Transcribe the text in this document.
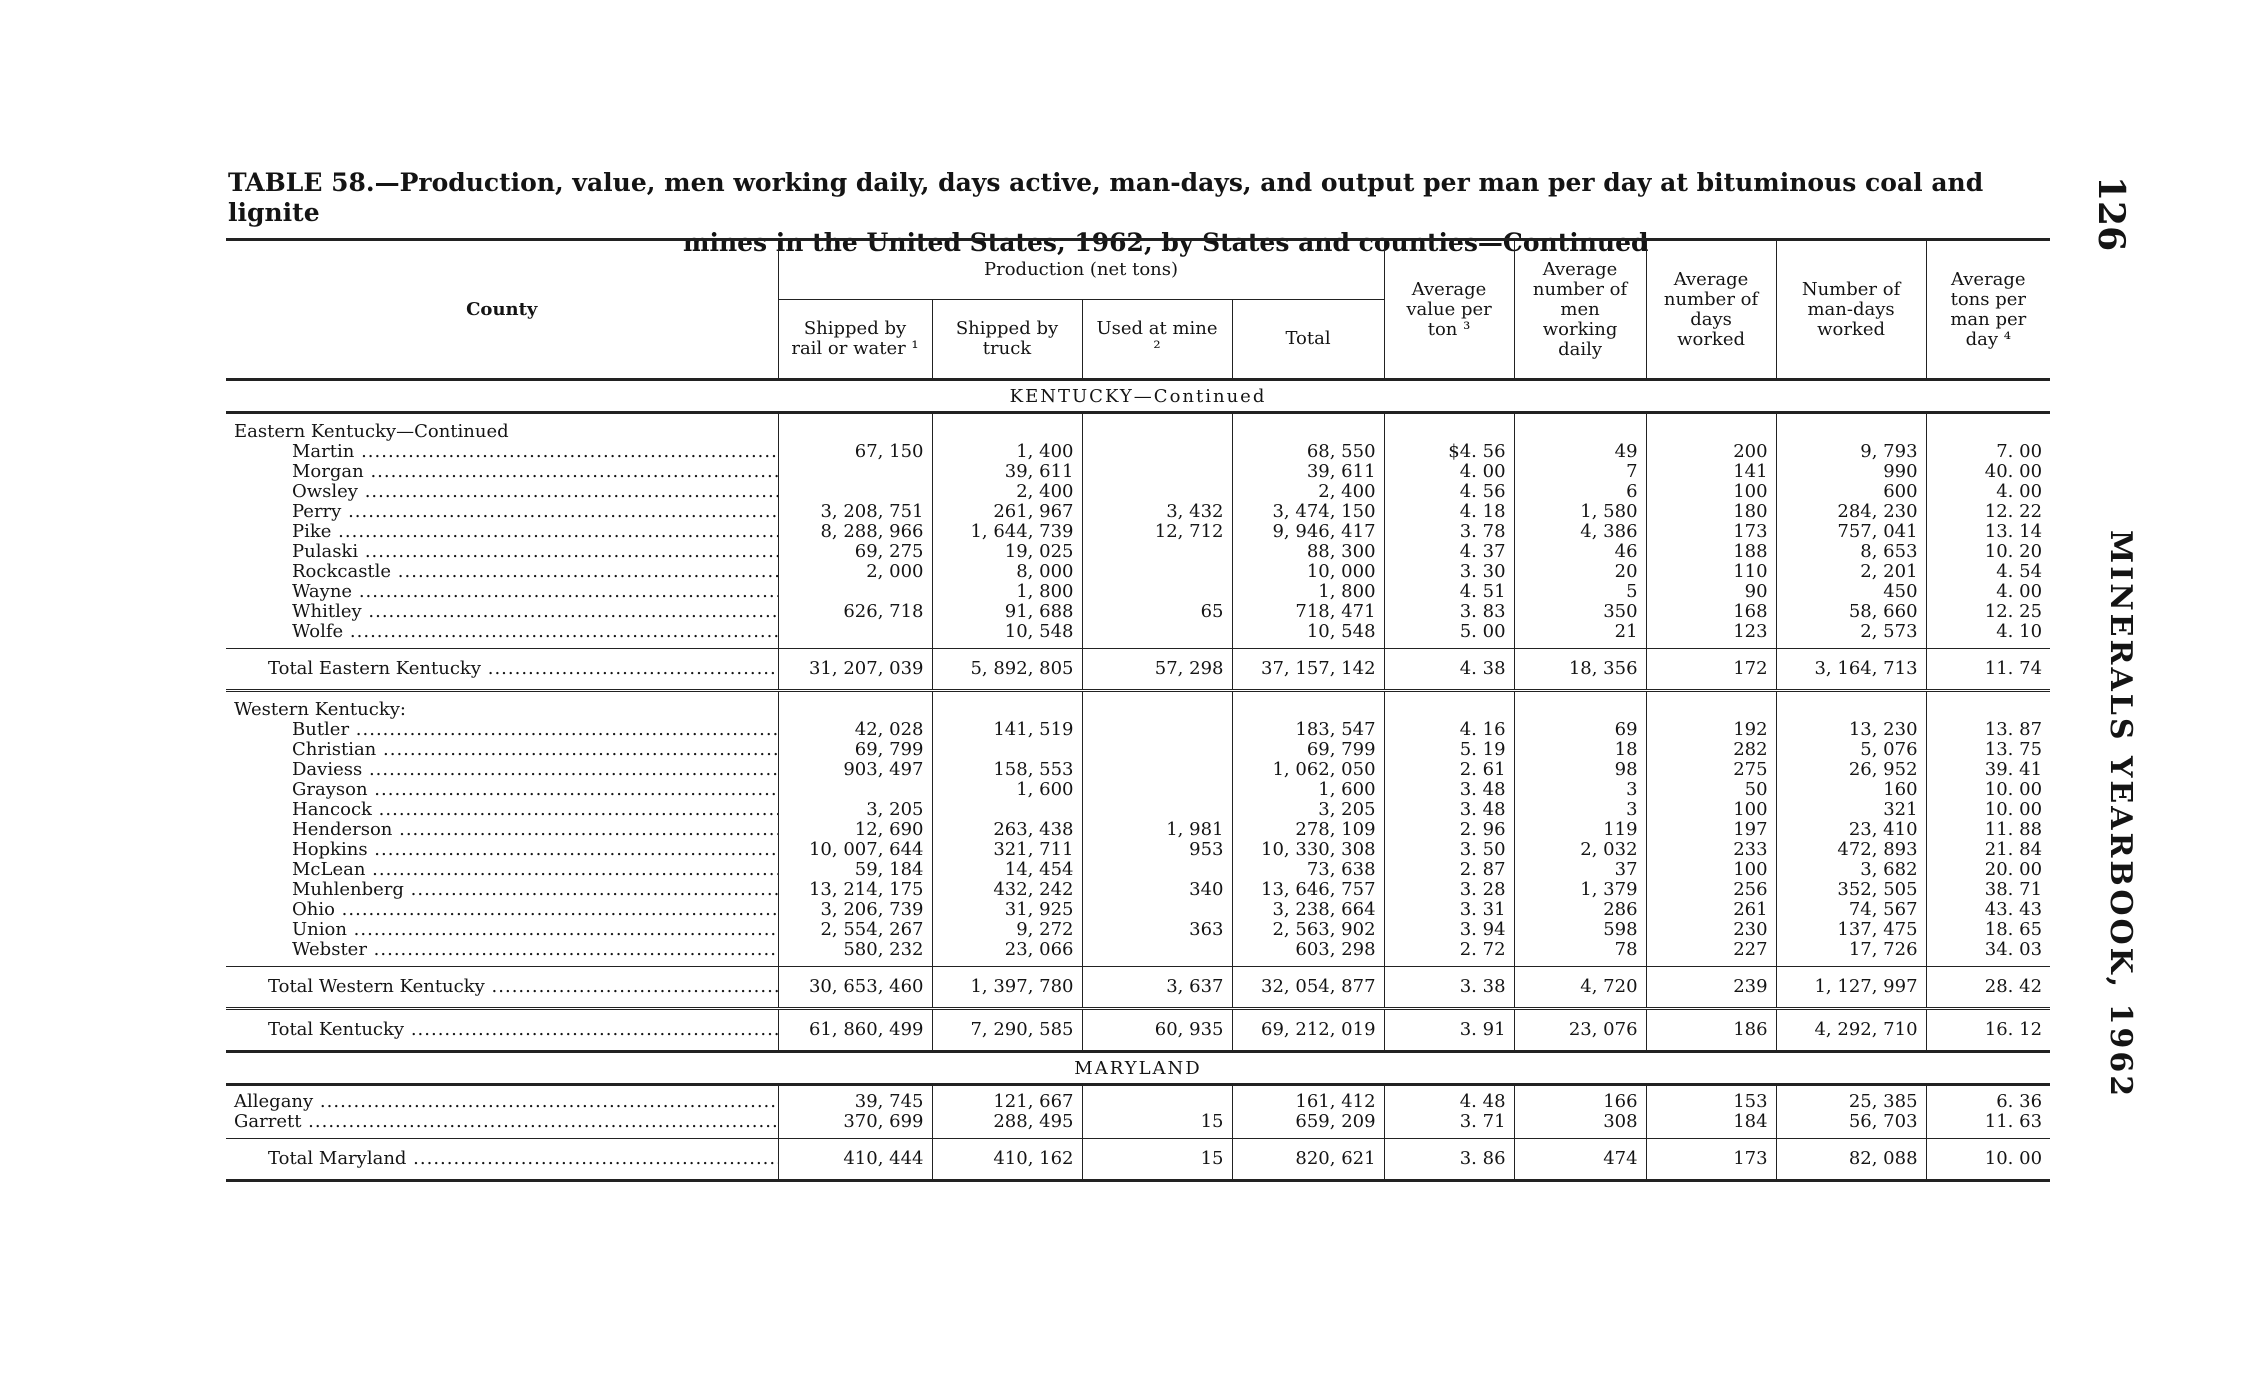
TABLE 58.—Production, value, men working daily, days active, man-days, and output per man per day at bituminous coal and lignite
mines in the United States, 1962, by States and counties—Continued	126
MINERALS YEARBOOK, 1962
County	Production (net tons)				Average value per ton ³	Average number of men working daily	Average number of days worked	Number of man-days worked	Average tons per man per day ⁴
	Shipped by rail or water ¹	Shipped by truck	Used at mine ²	Total					
KENTUCKY—Continued									
Eastern Kentucky—Continued									
Martin .....	67, 150	1, 400		68, 550	$4. 56	49	200	9, 793	7. 00
Morgan .....		39, 611		39, 611	4. 00	7	141	990	40. 00
Owsley .....		2, 400		2, 400	4. 56	6	100	600	4. 00
Perry .....	3, 208, 751	261, 967	3, 432	3, 474, 150	4. 18	1, 580	180	284, 230	12. 22
Pike .....	8, 288, 966	1, 644, 739	12, 712	9, 946, 417	3. 78	4, 386	173	757, 041	13. 14
Pulaski .....	69, 275	19, 025		88, 300	4. 37	46	188	8, 653	10. 20
Rockcastle .....	2, 000	8, 000		10, 000	3. 30	20	110	2, 201	4. 54
Wayne .....		1, 800		1, 800	4. 51	5	90	450	4. 00
Whitley .....	626, 718	91, 688	65	718, 471	3. 83	350	168	58, 660	12. 25
Wolfe .....		10, 548		10, 548	5. 00	21	123	2, 573	4. 10
Total Eastern Kentucky .....	31, 207, 039	5, 892, 805	57, 298	37, 157, 142	4. 38	18, 356	172	3, 164, 713	11. 74
Western Kentucky:									
Butler .....	42, 028	141, 519		183, 547	4. 16	69	192	13, 230	13. 87
Christian .....	69, 799			69, 799	5. 19	18	282	5, 076	13. 75
Daviess .....	903, 497	158, 553		1, 062, 050	2. 61	98	275	26, 952	39. 41
Grayson .....		1, 600		1, 600	3. 48	3	50	160	10. 00
Hancock .....	3, 205			3, 205	3. 48	3	100	321	10. 00
Henderson .....	12, 690	263, 438	1, 981	278, 109	2. 96	119	197	23, 410	11. 88
Hopkins .....	10, 007, 644	321, 711	953	10, 330, 308	3. 50	2, 032	233	472, 893	21. 84
McLean .....	59, 184	14, 454		73, 638	2. 87	37	100	3, 682	20. 00
Muhlenberg .....	13, 214, 175	432, 242	340	13, 646, 757	3. 28	1, 379	256	352, 505	38. 71
Ohio .....	3, 206, 739	31, 925		3, 238, 664	3. 31	286	261	74, 567	43. 43
Union .....	2, 554, 267	9, 272	363	2, 563, 902	3. 94	598	230	137, 475	18. 65
Webster .....	580, 232	23, 066		603, 298	2. 72	78	227	17, 726	34. 03
Total Western Kentucky .....	30, 653, 460	1, 397, 780	3, 637	32, 054, 877	3. 38	4, 720	239	1, 127, 997	28. 42
Total Kentucky .....	61, 860, 499	7, 290, 585	60, 935	69, 212, 019	3. 91	23, 076	186	4, 292, 710	16. 12
MARYLAND									

Allegany .....	39, 745	121, 667		161, 412	4. 48	166	153	25, 385	6. 36
Garrett .....	370, 699	288, 495	15	659, 209	3. 71	308	184	56, 703	11. 63
Total Maryland .....	410, 444	410, 162	15	820, 621	3. 86	474	173	82, 088	10. 00
